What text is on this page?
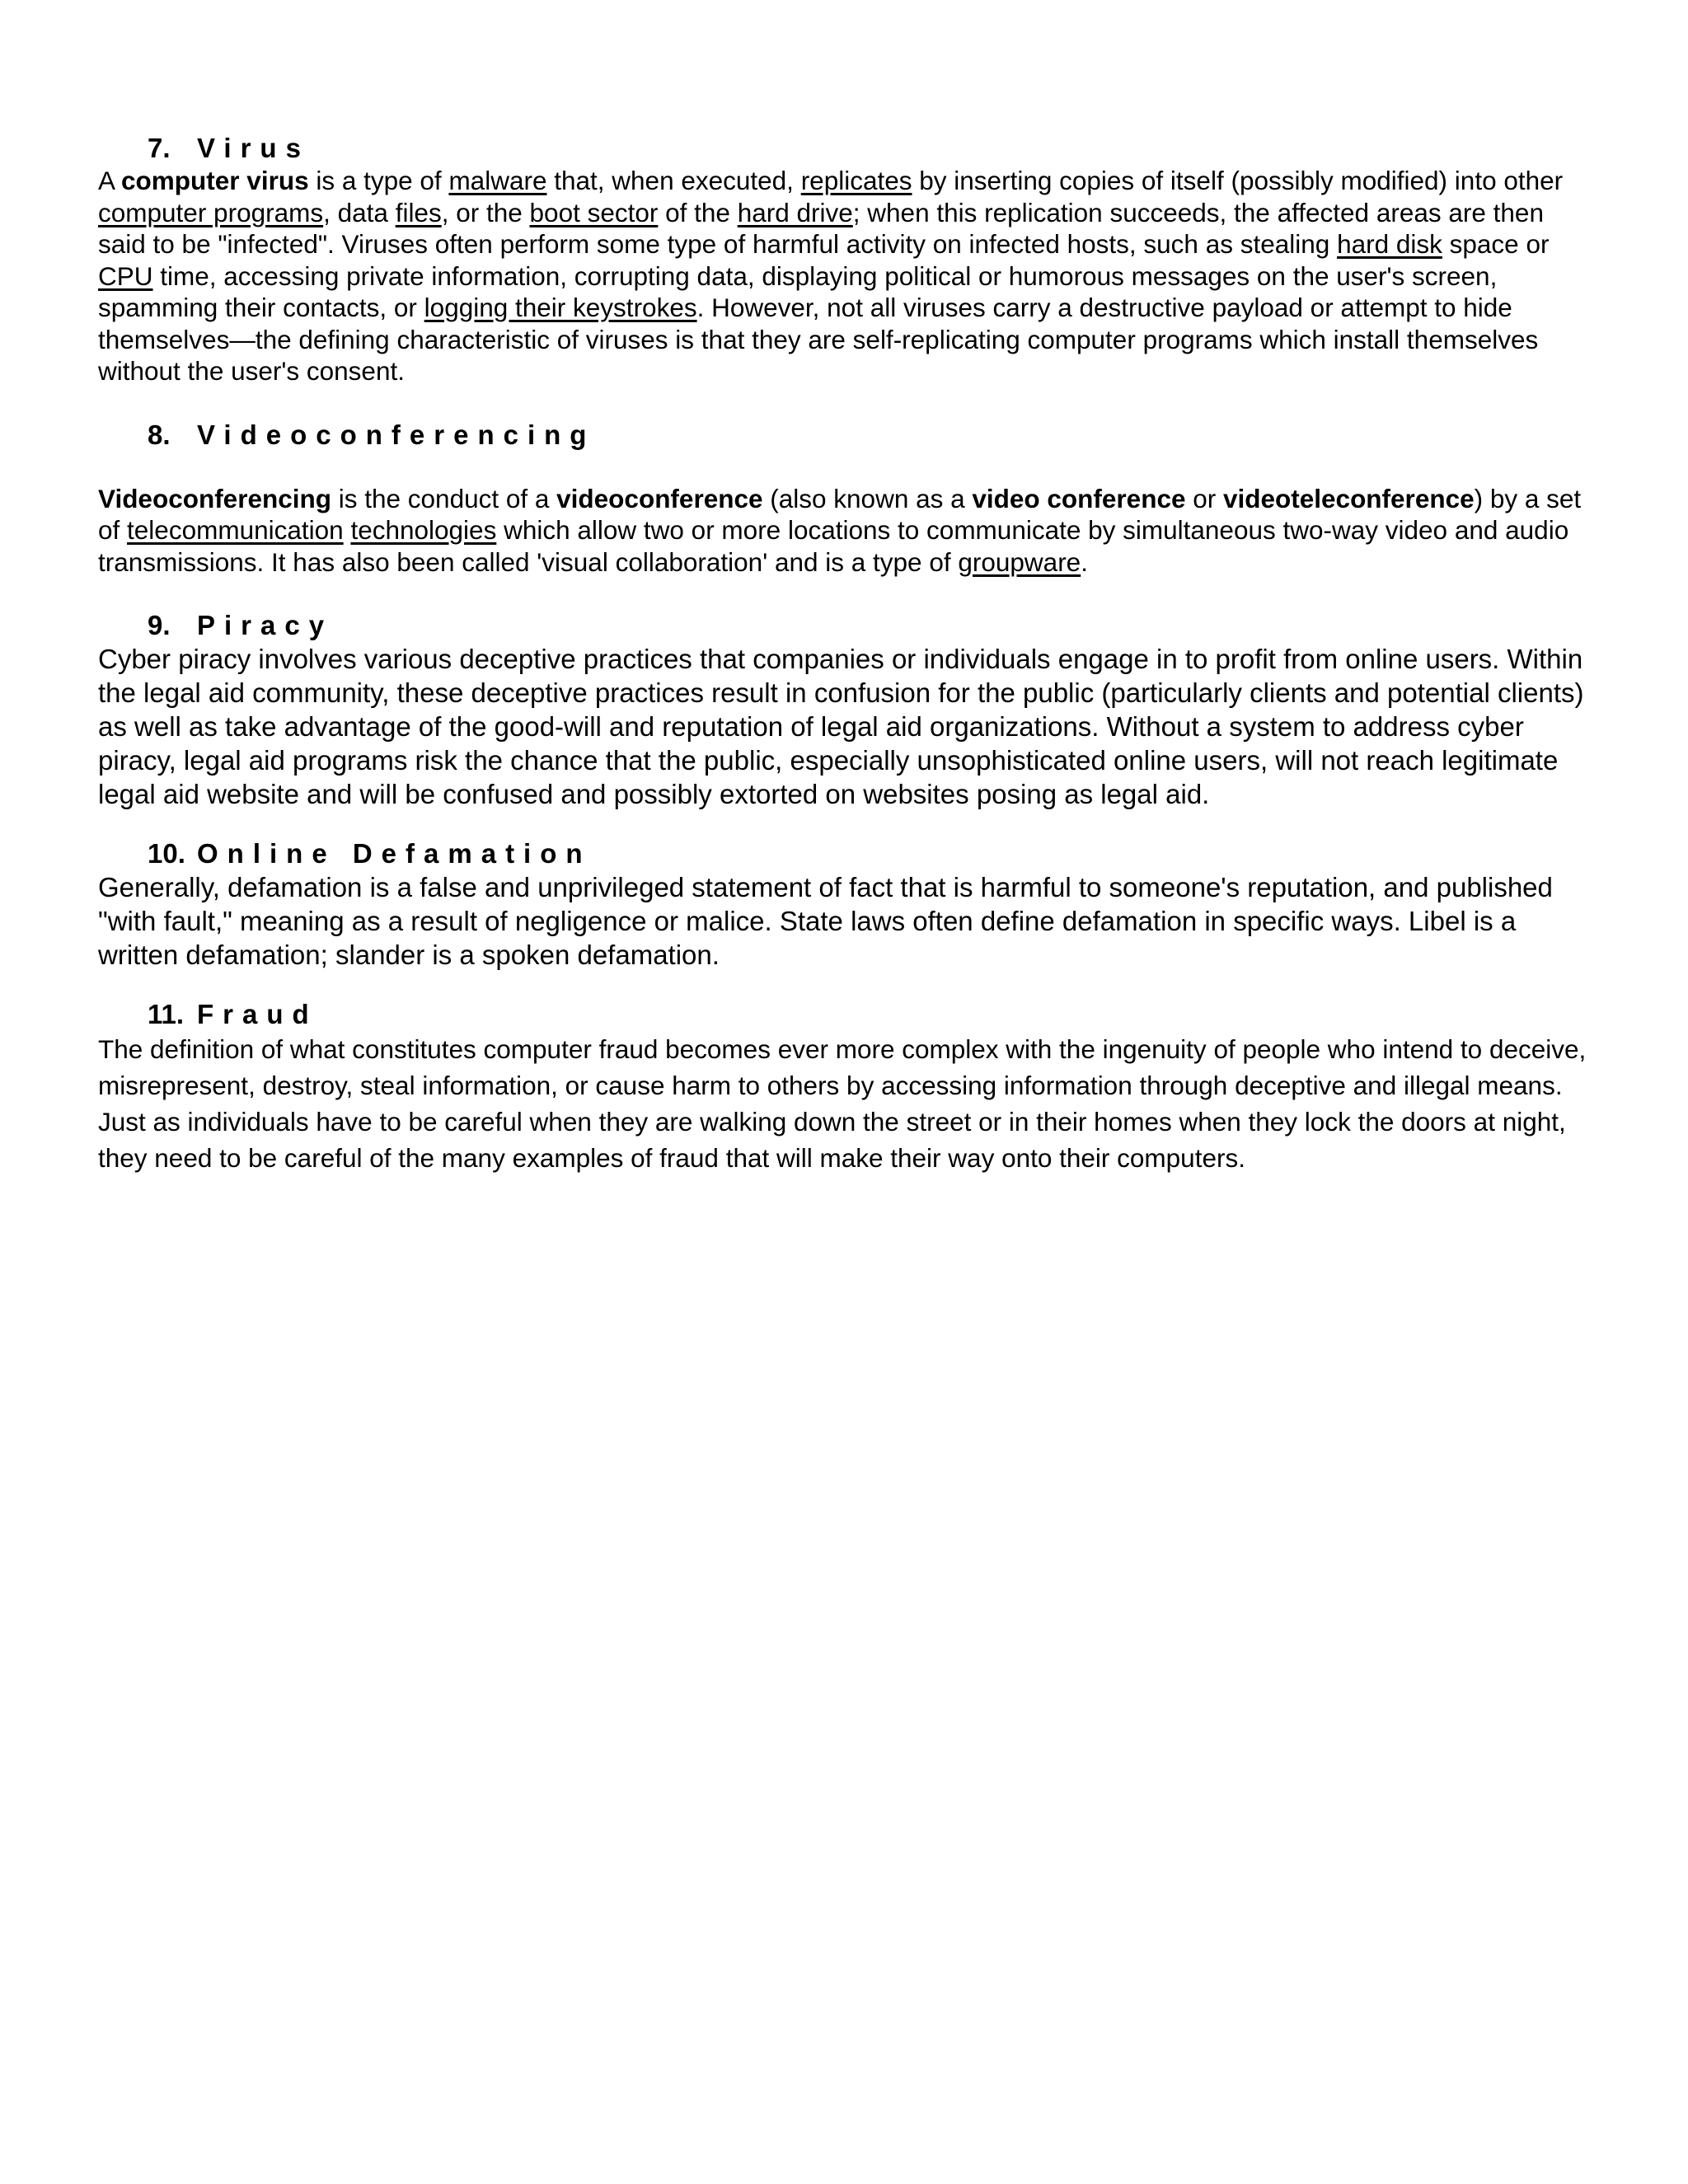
7. Virus

A computer virus is a type of malware that, when executed, replicates by inserting copies of itself (possibly modified) into other computer programs, data files, or the boot sector of the hard drive; when this replication succeeds, the affected areas are then said to be "infected". Viruses often perform some type of harmful activity on infected hosts, such as stealing hard disk space or CPU time, accessing private information, corrupting data, displaying political or humorous messages on the user's screen, spamming their contacts, or logging their keystrokes. However, not all viruses carry a destructive payload or attempt to hide themselves—the defining characteristic of viruses is that they are self-replicating computer programs which install themselves without the user's consent.

8. Videoconferencing

Videoconferencing is the conduct of a videoconference (also known as a video conference or videoteleconference) by a set of telecommunication technologies which allow two or more locations to communicate by simultaneous two-way video and audio transmissions. It has also been called 'visual collaboration' and is a type of groupware.

9. Piracy

Cyber piracy involves various deceptive practices that companies or individuals engage in to profit from online users. Within the legal aid community, these deceptive practices result in confusion for the public (particularly clients and potential clients) as well as take advantage of the good-will and reputation of legal aid organizations. Without a system to address cyber piracy, legal aid programs risk the chance that the public, especially unsophisticated online users, will not reach legitimate legal aid website and will be confused and possibly extorted on websites posing as legal aid.

10. Online Defamation

Generally, defamation is a false and unprivileged statement of fact that is harmful to someone's reputation, and published "with fault," meaning as a result of negligence or malice. State laws often define defamation in specific ways. Libel is a written defamation; slander is a spoken defamation.

11. Fraud

The definition of what constitutes computer fraud becomes ever more complex with the ingenuity of people who intend to deceive, misrepresent, destroy, steal information, or cause harm to others by accessing information through deceptive and illegal means. Just as individuals have to be careful when they are walking down the street or in their homes when they lock the doors at night, they need to be careful of the many examples of fraud that will make their way onto their computers.
